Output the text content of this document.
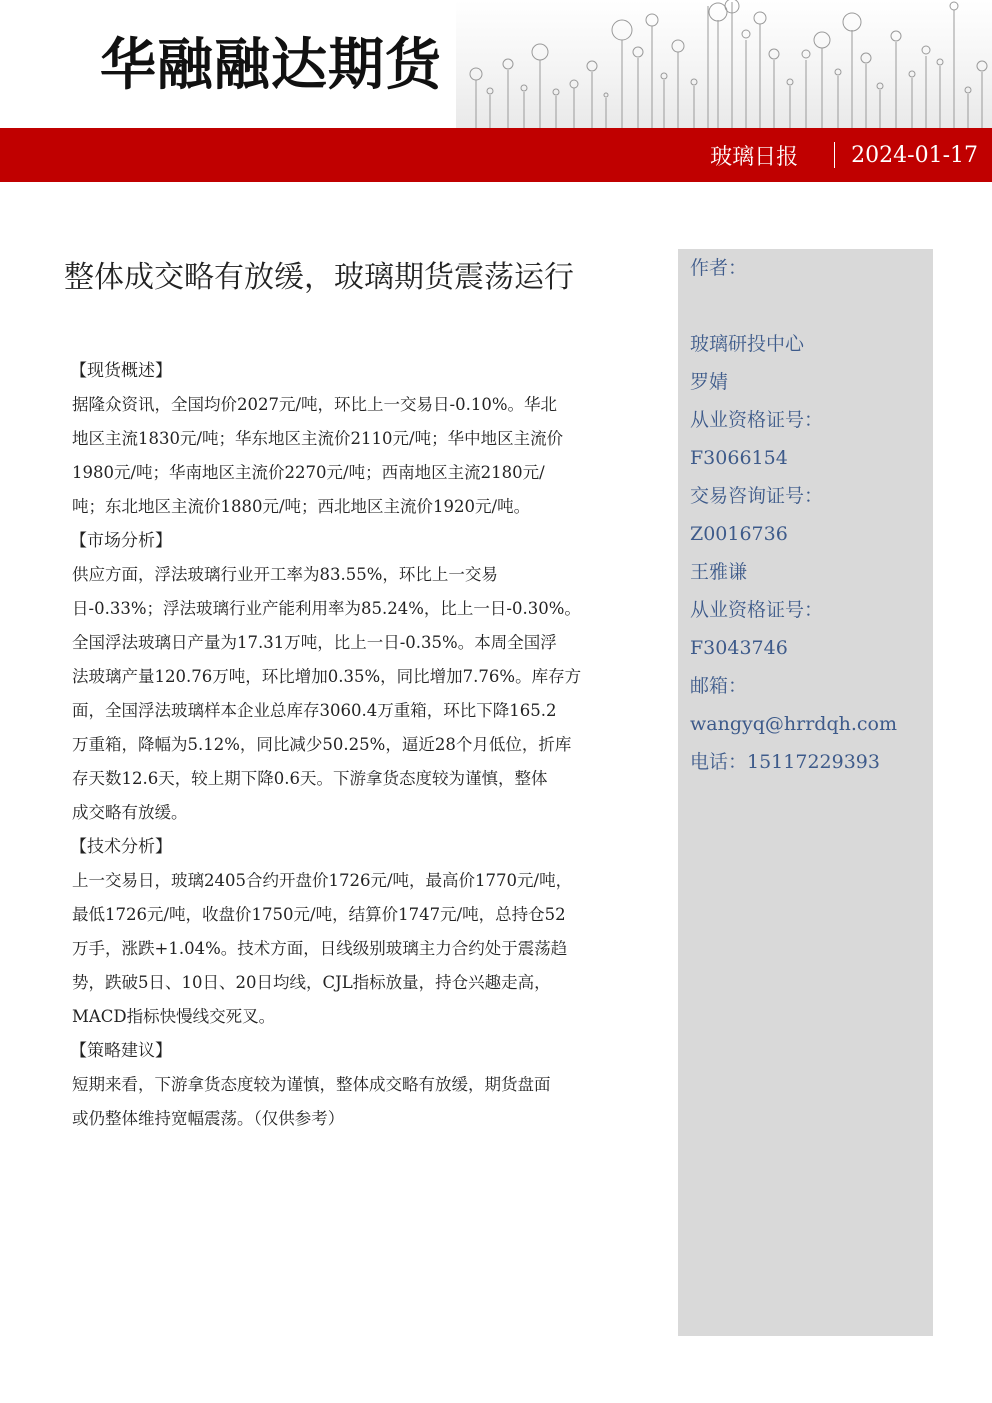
华融融达期货
玻璃日报 2024-01-17
整体成交略有放缓，玻璃期货震荡运行
【现货概述】

据隆众资讯，全国均价2027元/吨，环比上一交易日-0.10%。华北

地区主流1830元/吨；华东地区主流价2110元/吨；华中地区主流价

1980元/吨；华南地区主流价2270元/吨；西南地区主流2180元/

吨；东北地区主流价1880元/吨；西北地区主流价1920元/吨。

【市场分析】

供应方面，浮法玻璃行业开工率为83.55%，环比上一交易

日-0.33%；浮法玻璃行业产能利用率为85.24%，比上一日-0.30%。

全国浮法玻璃日产量为17.31万吨，比上一日-0.35%。本周全国浮

法玻璃产量120.76万吨，环比增加0.35%，同比增加7.76%。库存方

面，全国浮法玻璃样本企业总库存3060.4万重箱，环比下降165.2

万重箱，降幅为5.12%，同比减少50.25%，逼近28个月低位，折库

存天数12.6天，较上期下降0.6天。下游拿货态度较为谨慎，整体

成交略有放缓。

【技术分析】

上一交易日，玻璃2405合约开盘价1726元/吨，最高价1770元/吨，

最低1726元/吨，收盘价1750元/吨，结算价1747元/吨，总持仓52

万手，涨跌+1.04%。技术方面，日线级别玻璃主力合约处于震荡趋

势，跌破5日、10日、20日均线，CJL指标放量，持仓兴趣走高，

MACD指标快慢线交死叉。

【策略建议】

短期来看，下游拿货态度较为谨慎，整体成交略有放缓，期货盘面

或仍整体维持宽幅震荡。（仅供参考）

作者：

玻璃研投中心

罗婧

从业资格证号：

F3066154

交易咨询证号：

Z0016736

王雅谦

从业资格证号：

F3043746

邮箱：

wangyq@hrrdqh.com

电话：15117229393
